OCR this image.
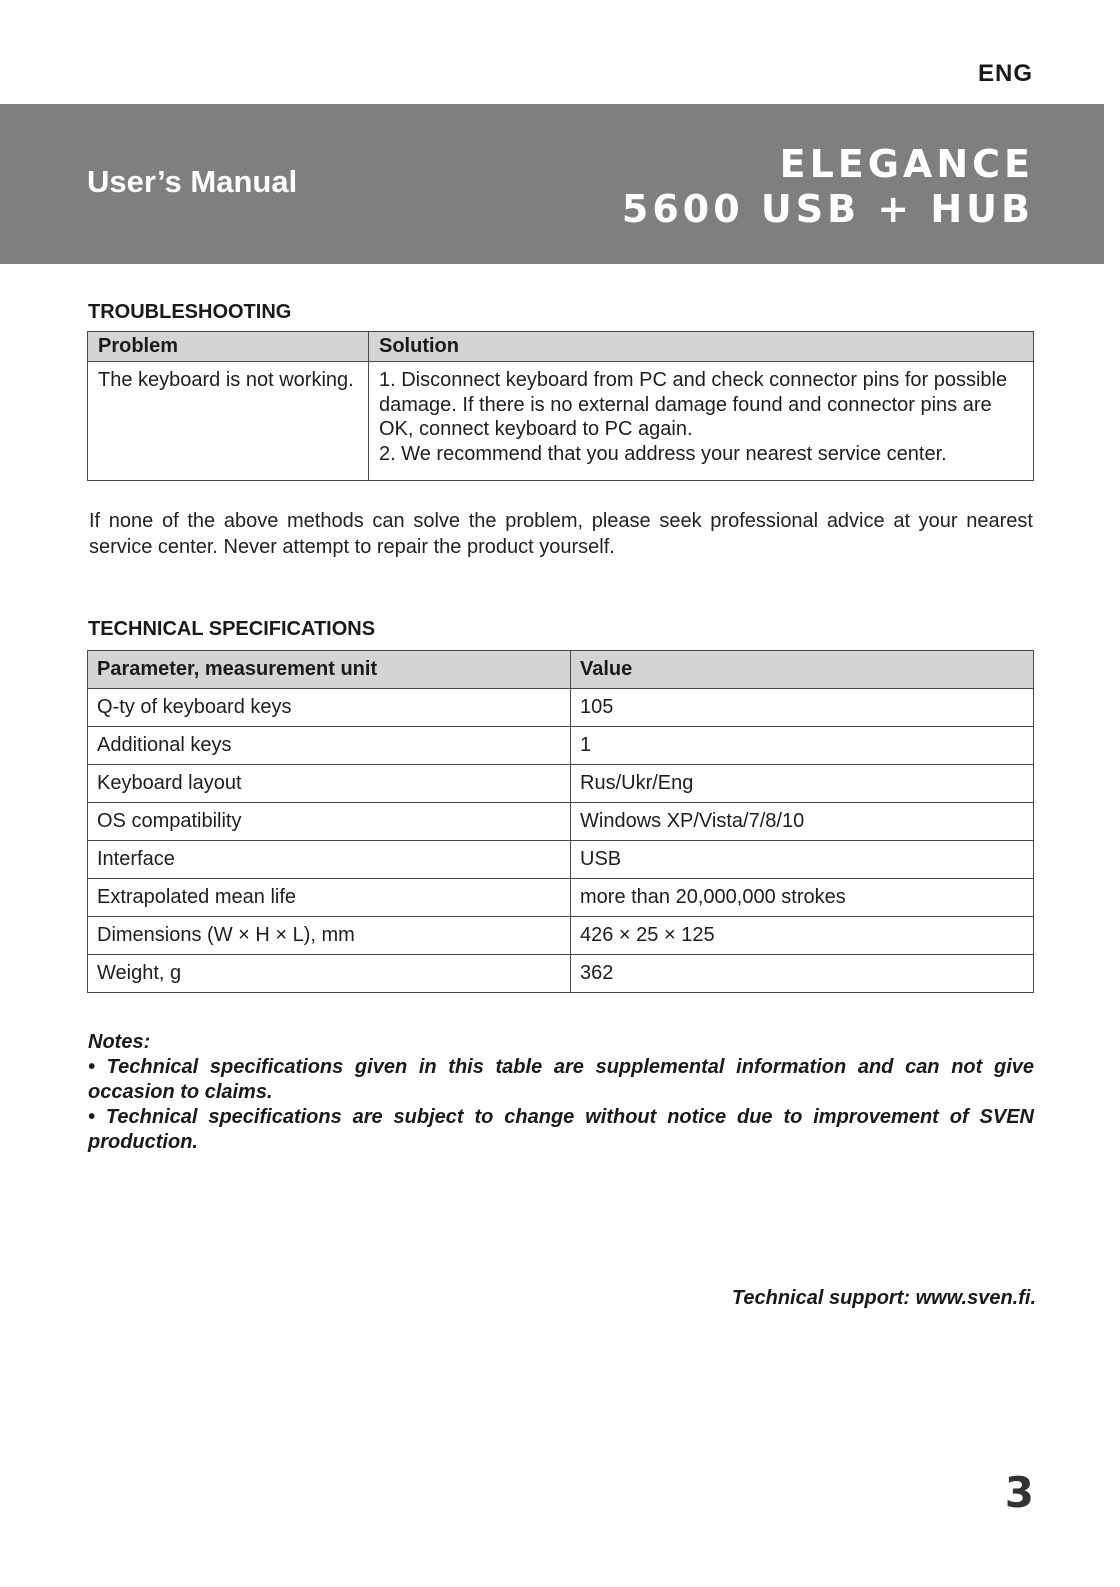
ENG
User’s Manual	ELEGANCE
5600 USB + HUB
TROUBLESHOOTING
Problem	Solution
The keyboard is not working.	1. Disconnect keyboard from PC and check connector pins for possible damage. If there is no external damage found and connector pins are OK, connect keyboard to PC again.
2. We recommend that you address your nearest service center.
If none of the above methods can solve the problem, please seek professional advice at your nearest service center. Never attempt to repair the product yourself.
TECHNICAL SPECIFICATIONS
Parameter, measurement unit	Value
Q-ty of keyboard keys	105
Additional keys	1
Keyboard layout	Rus/Ukr/Eng
OS compatibility	Windows XP/Vista/7/8/10
Interface	USB
Extrapolated mean life	more than 20,000,000 strokes
Dimensions (W × H × L), mm	426 × 25 × 125
Weight, g	362

Notes:

• Technical specifications given in this table are supplemental information and can not give occasion to claims.

• Technical specifications are subject to change without notice due to improvement of SVEN production.

Technical support: www.sven.fi.
3
